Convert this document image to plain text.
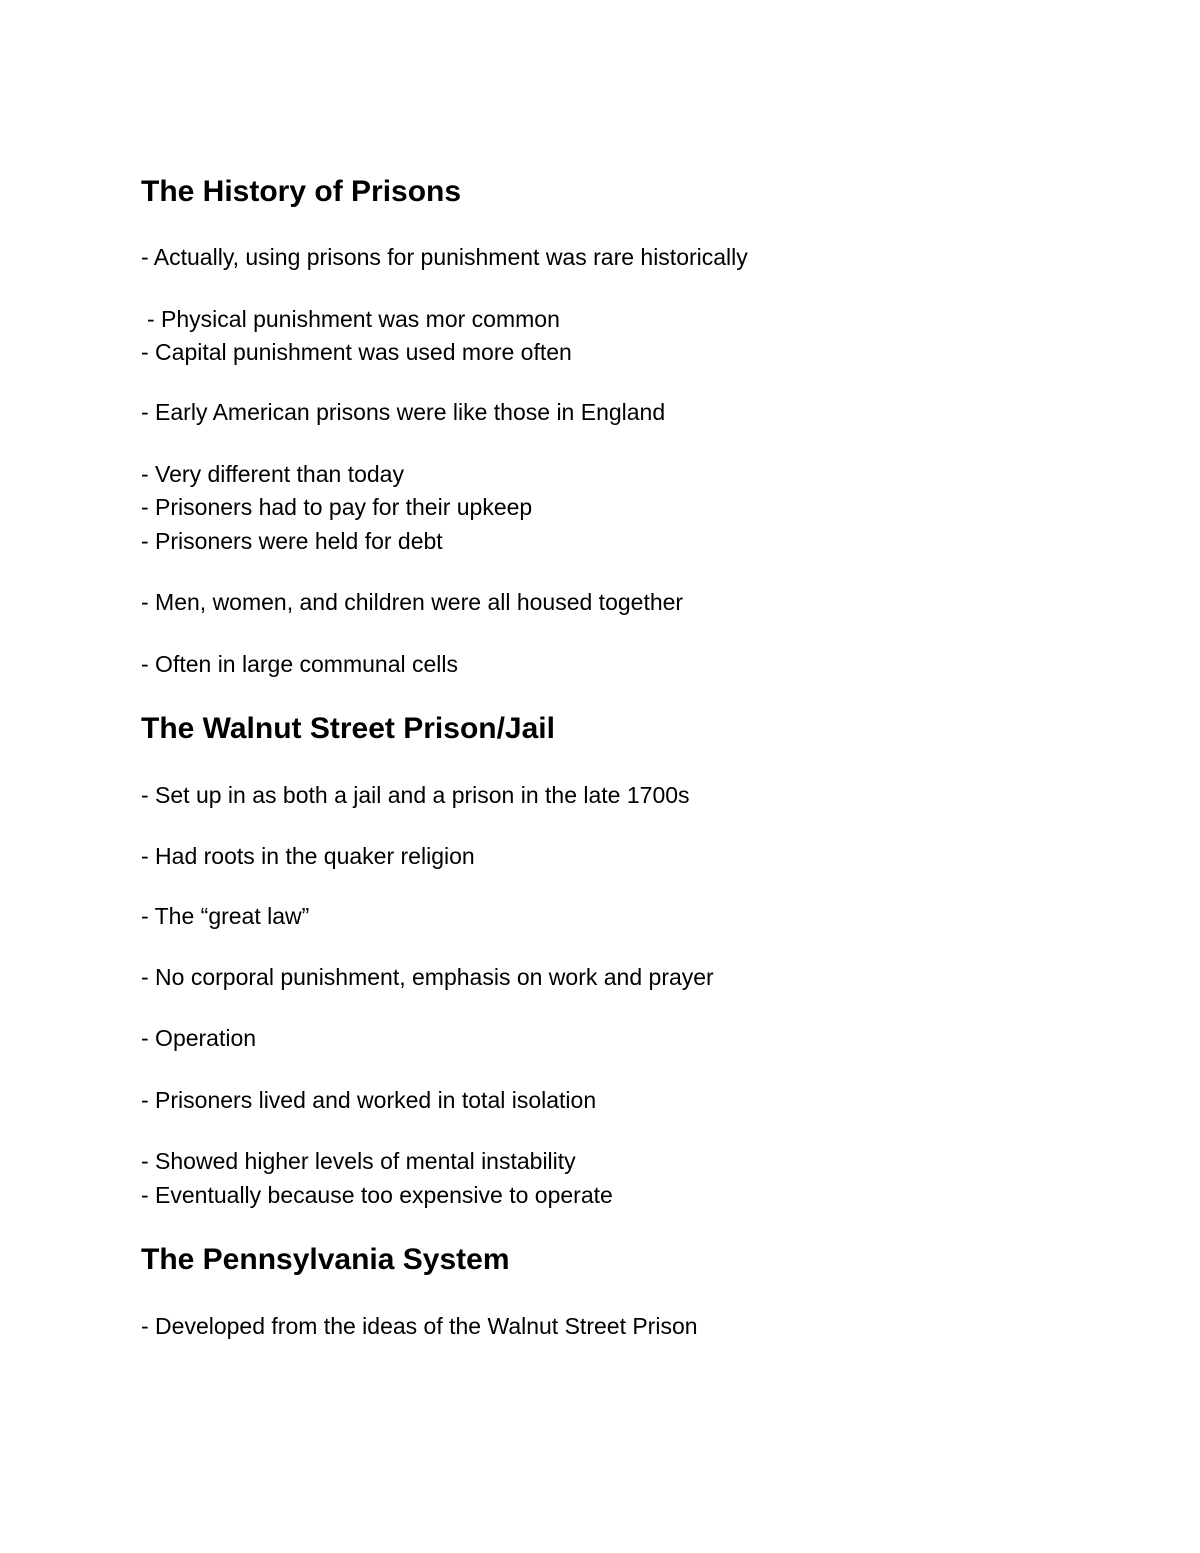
The History of Prisons

- Actually, using prisons for punishment was rare historically

- Physical punishment was mor common

- Capital punishment was used more often

- Early American prisons were like those in England

- Very different than today

- Prisoners had to pay for their upkeep

- Prisoners were held for debt

- Men, women, and children were all housed together

- Often in large communal cells

The Walnut Street Prison/Jail

- Set up in as both a jail and a prison in the late 1700s

- Had roots in the quaker religion

- The “great law”

- No corporal punishment, emphasis on work and prayer

- Operation

- Prisoners lived and worked in total isolation

- Showed higher levels of mental instability

- Eventually because too expensive to operate

The Pennsylvania System

- Developed from the ideas of the Walnut Street Prison
